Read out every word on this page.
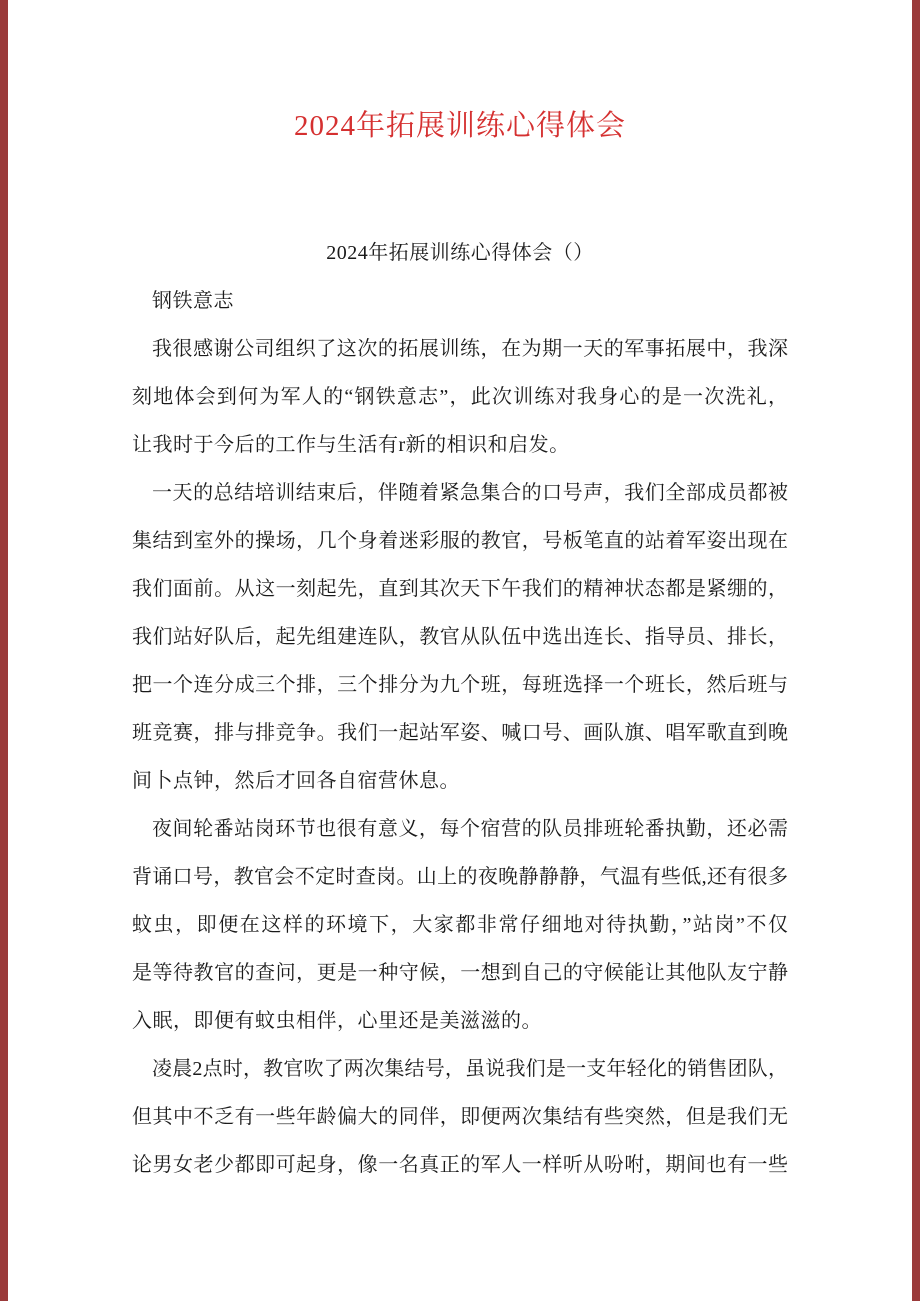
2024年拓展训练心得体会
2024年拓展训练心得体会（）
钢铁意志
我很感谢公司组织了这次的拓展训练，在为期一天的军事拓展中，我深
刻地体会到何为军人的“钢铁意志”，此次训练对我身心的是一次洗礼，
让我时于今后的工作与生活有r新的相识和启发。
一天的总结培训结束后，伴随着紧急集合的口号声，我们全部成员都被
集结到室外的操场，几个身着迷彩服的教官，号板笔直的站着军姿出现在
我们面前。从这一刻起先，直到其次天下午我们的精神状态都是紧绷的，
我们站好队后，起先组建连队，教官从队伍中选出连长、指导员、排长，
把一个连分成三个排，三个排分为九个班，每班选择一个班长，然后班与
班竞赛，排与排竞争。我们一起站军姿、喊口号、画队旗、唱军歌直到晚
间卜点钟，然后才回各自宿营休息。
夜间轮番站岗环节也很有意义，每个宿营的队员排班轮番执勤，还必需
背诵口号，教官会不定时查岗。山上的夜晚静静静，气温有些低,还有很多
蚊虫，即便在这样的环境下，大家都非常仔细地对待执勤，”站岗”不仅
是等待教官的查问，更是一种守候，一想到自己的守候能让其他队友宁静
入眠，即便有蚊虫相伴，心里还是美滋滋的。
凌晨2点时，教官吹了两次集结号，虽说我们是一支年轻化的销售团队，
但其中不乏有一些年龄偏大的同伴，即便两次集结有些突然，但是我们无
论男女老少都即可起身，像一名真正的军人一样听从吩咐，期间也有一些
